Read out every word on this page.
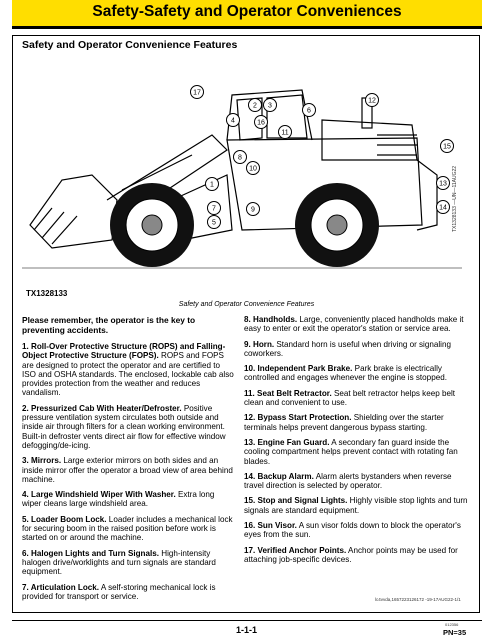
Safety-Safety and Operator Conveniences
Safety and Operator Convenience Features
17
2 3
6
4	16
1
8
12
11
15
7
10
5
9
13
14
TX1328133
TX1328133 —UN—11AUG22
Safety and Operator Convenience Features
Please remember, the operator is the key to preventing accidents.
1. Roll-Over Protective Structure (ROPS) and Falling-Object Protective Structure (FOPS). ROPS and FOPS are designed to protect the operator and are certified to ISO and OSHA standards. The enclosed, lockable cab also provides protection from the weather and reduces vandalism.
2. Pressurized Cab With Heater/Defroster. Positive pressure ventilation system circulates both outside and inside air through filters for a clean working environment. Built-in defroster vents direct air flow for effective window defogging/de-icing.
3. Mirrors. Large exterior mirrors on both sides and an inside mirror offer the operator a broad view of area behind machine.
4. Large Windshield Wiper With Washer. Extra long wiper cleans large windshield area.
5. Loader Boom Lock. Loader includes a mechanical lock for securing boom in the raised position before work is started on or around the machine.
6. Halogen Lights and Turn Signals. High-intensity halogen drive/worklights and turn signals are standard equipment.
7. Articulation Lock. A self-storing mechanical lock is provided for transport or service.
8. Handholds. Large, conveniently placed handholds make it easy to enter or exit the operator's station or service area.
9. Horn. Standard horn is useful when driving or signaling coworkers.
10. Independent Park Brake. Park brake is electrically controlled and engages whenever the engine is stopped.
11. Seat Belt Retractor. Seat belt retractor helps keep belt clean and convenient to use.
12. Bypass Start Protection. Shielding over the starter terminals helps prevent dangerous bypass starting.
13. Engine Fan Guard. A secondary fan guard inside the cooling compartment helps prevent contact with rotating fan blades.
14. Backup Alarm. Alarm alerts bystanders when reverse travel direction is selected by operator.
15. Stop and Signal Lights. Highly visible stop lights and turn signals are standard equipment.
16. Sun Visor. A sun visor folds down to block the operator's eyes from the sun.
17. Verified Anchor Points. Anchor points may be used for attaching job-specific devices.
lc4vvda,1657223126172 -19-17AUG22-1/1
1-1-1
012356
PN=35
